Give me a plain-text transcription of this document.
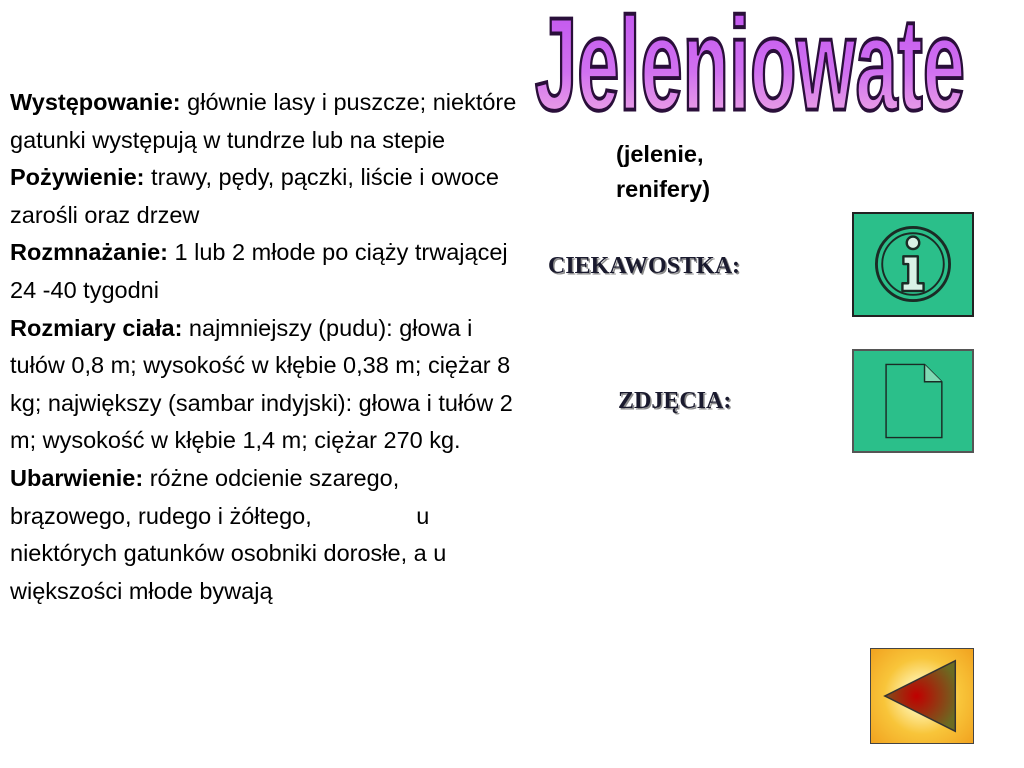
Jeleniowate

Występowanie: głównie lasy i puszcze; niektóre gatunki występują w tundrze lub na stepie

Pożywienie: trawy, pędy, pączki, liście i owoce zarośli oraz drzew

Rozmnażanie: 1 lub 2 młode po ciąży trwającej 24 -40 tygodni

Rozmiary ciała: najmniejszy (pudu): głowa i tułów 0,8 m; wysokość w kłębie 0,38 m; ciężar 8 kg; największy (sambar indyjski): głowa i tułów 2 m; wysokość w kłębie 1,4 m; ciężar 270 kg.

Ubarwienie: różne odcienie szarego, brązowego, rudego i żółtego,                u niektórych gatunków osobniki dorosłe, a u większości młode bywają

(jelenie,
renifery)
CIEKAWOSTKA:
ZDJĘCIA:
